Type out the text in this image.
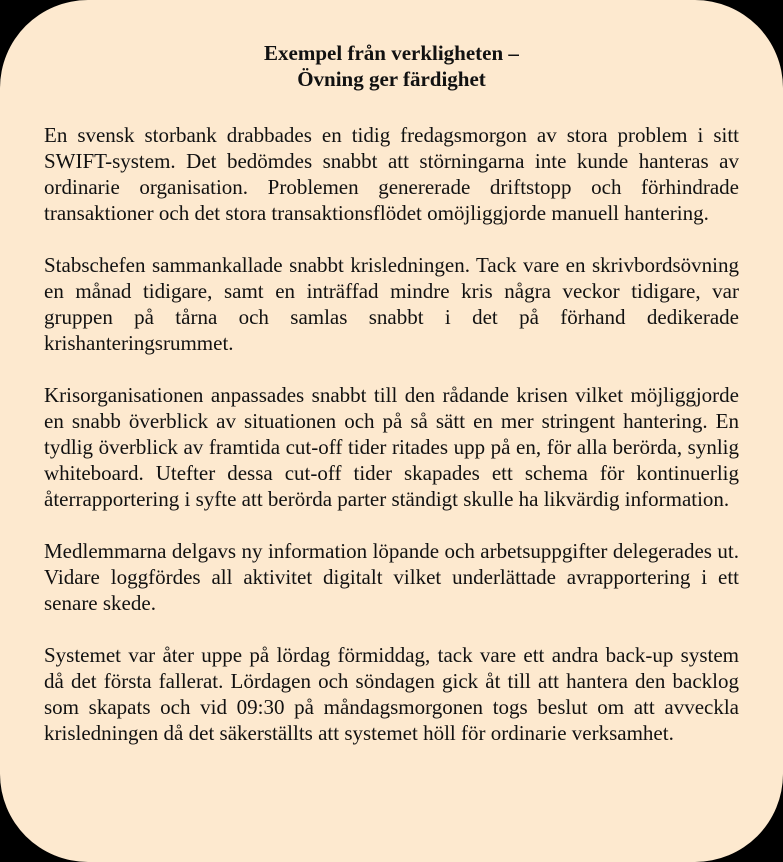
Exempel från verkligheten –
Övning ger färdighet

En svensk storbank drabbades en tidig fredagsmorgon av stora problem i sitt SWIFT-system. Det bedömdes snabbt att störningarna inte kunde hanteras av ordinarie organisation. Problemen genererade driftstopp och förhindrade transaktioner och det stora transaktionsflödet omöjliggjorde manuell hantering.

Stabschefen sammankallade snabbt krisledningen. Tack vare en skrivbordsövning en månad tidigare, samt en inträffad mindre kris några veckor tidigare, var gruppen på tårna och samlas snabbt i det på förhand dedikerade krishanteringsrummet.

Krisorganisationen anpassades snabbt till den rådande krisen vilket möjliggjorde en snabb överblick av situationen och på så sätt en mer stringent hantering. En tydlig överblick av framtida cut-off tider ritades upp på en, för alla berörda, synlig whiteboard. Utefter dessa cut-off tider skapades ett schema för kontinuerlig återrapportering i syfte att berörda parter ständigt skulle ha likvärdig information.

Medlemmarna delgavs ny information löpande och arbetsuppgifter delegerades ut. Vidare loggfördes all aktivitet digitalt vilket underlättade avrapportering i ett senare skede.

Systemet var åter uppe på lördag förmiddag, tack vare ett andra back-up system då det första fallerat. Lördagen och söndagen gick åt till att hantera den backlog som skapats och vid 09:30 på måndagsmorgonen togs beslut om att avveckla krisledningen då det säkerställts att systemet höll för ordinarie verksamhet.
